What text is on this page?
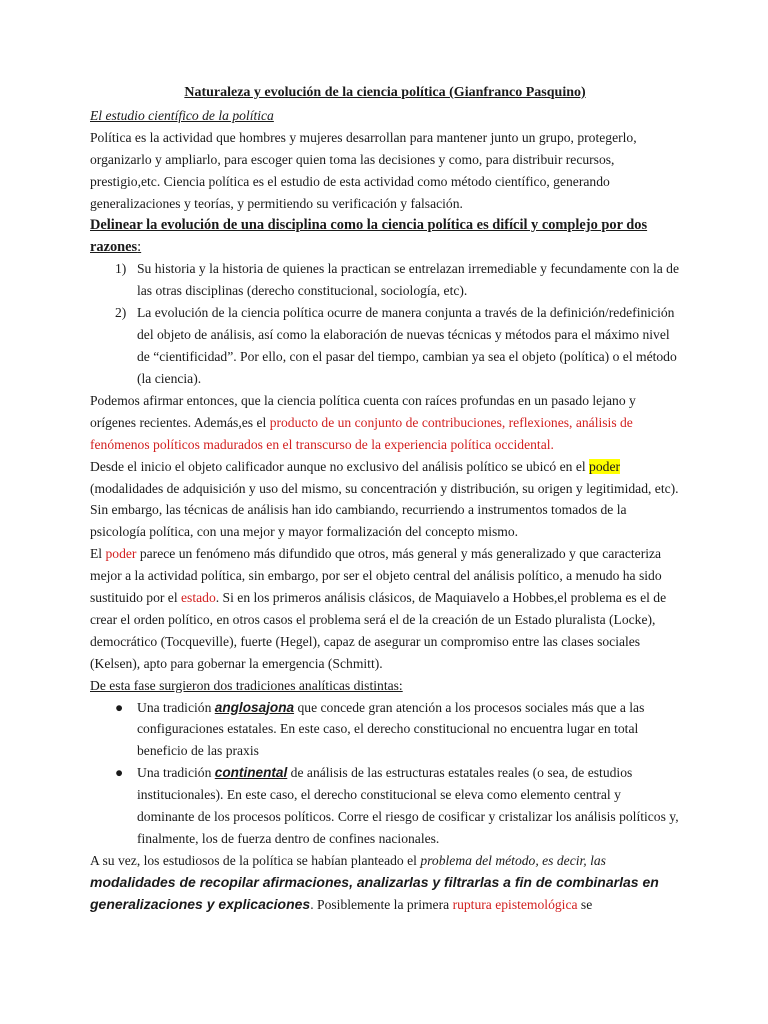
Naturaleza y evolución de la ciencia política (Gianfranco Pasquino)
El estudio científico de la política

Política es la actividad que hombres y mujeres desarrollan para mantener junto un grupo, protegerlo, organizarlo y ampliarlo, para escoger quien toma las decisiones y como, para distribuir recursos, prestigio,etc. Ciencia política es el estudio de esta actividad como método científico, generando generalizaciones y teorías, y permitiendo su verificación y falsación.

Delinear la evolución de una disciplina como la ciencia política es difícil y complejo por dos razones:
1) Su historia y la historia de quienes la practican se entrelazan irremediable y fecundamente con la de las otras disciplinas (derecho constitucional, sociología, etc).
2) La evolución de la ciencia política ocurre de manera conjunta a través de la definición/redefinición del objeto de análisis, así como la elaboración de nuevas técnicas y métodos para el máximo nivel de “cientificidad”. Por ello, con el pasar del tiempo, cambian ya sea el objeto (política) o el método (la ciencia).

Podemos afirmar entonces, que la ciencia política cuenta con raíces profundas en un pasado lejano y orígenes recientes. Además,es el producto de un conjunto de contribuciones, reflexiones, análisis de fenómenos políticos madurados en el transcurso de la experiencia política occidental.

Desde el inicio el objeto calificador aunque no exclusivo del análisis político se ubicó en el poder (modalidades de adquisición y uso del mismo, su concentración y distribución, su origen y legitimidad, etc). Sin embargo, las técnicas de análisis han ido cambiando, recurriendo a instrumentos tomados de la psicología política, con una mejor y mayor formalización del concepto mismo.

El poder parece un fenómeno más difundido que otros, más general y más generalizado y que caracteriza mejor a la actividad política, sin embargo, por ser el objeto central del análisis político, a menudo ha sido sustituido por el estado. Si en los primeros análisis clásicos, de Maquiavelo a Hobbes,el problema es el de crear el orden político, en otros casos el problema será el de la creación de un Estado pluralista (Locke), democrático (Tocqueville), fuerte (Hegel), capaz de asegurar un compromiso entre las clases sociales (Kelsen), apto para gobernar la emergencia (Schmitt).

De esta fase surgieron dos tradiciones analíticas distintas:

● Una tradición anglosajona que concede gran atención a los procesos sociales más que a las configuraciones estatales. En este caso, el derecho constitucional no encuentra lugar en total beneficio de las praxis
● Una tradición continental de análisis de las estructuras estatales reales (o sea, de estudios institucionales). En este caso, el derecho constitucional se eleva como elemento central y dominante de los procesos políticos. Corre el riesgo de cosificar y cristalizar los análisis políticos y, finalmente, los de fuerza dentro de confines nacionales.

A su vez, los estudiosos de la política se habían planteado el problema del método, es decir, las modalidades de recopilar afirmaciones, analizarlas y filtrarlas a fin de combinarlas en generalizaciones y explicaciones. Posiblemente la primera ruptura epistemológica se
